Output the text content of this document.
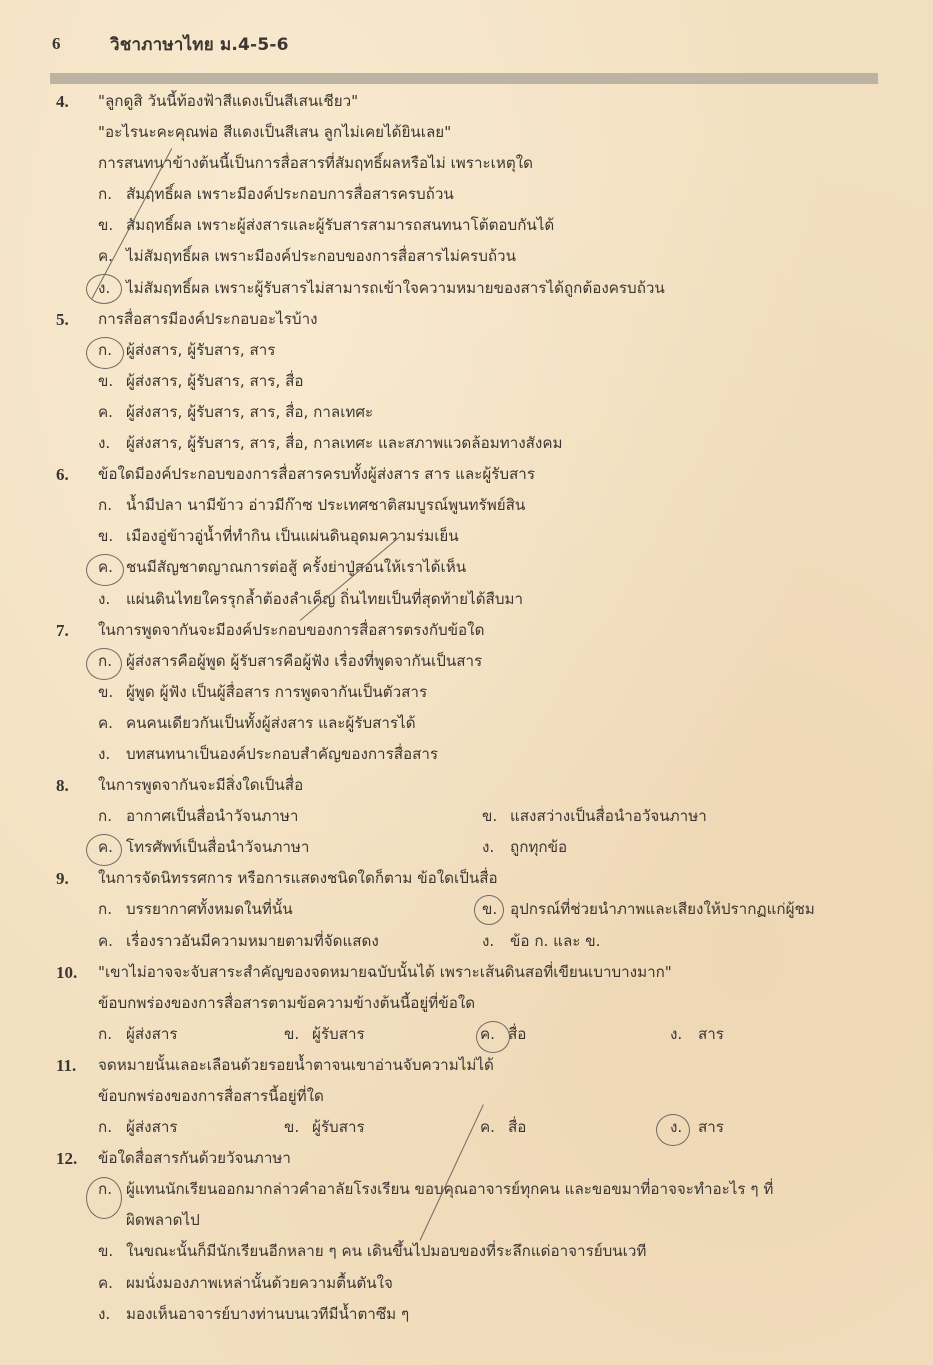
6	วิชาภาษาไทย ม.4-5-6
4. "ลูกดูสิ วันนี้ท้องฟ้าสีแดงเป็นสีเสนเชียว"
"อะไรนะคะคุณพ่อ สีแดงเป็นสีเสน ลูกไม่เคยได้ยินเลย"
การสนทนาข้างต้นนี้เป็นการสื่อสารที่สัมฤทธิ์ผลหรือไม่ เพราะเหตุใด
ก. สัมฤทธิ์ผล เพราะมีองค์ประกอบการสื่อสารครบถ้วน
ข. สัมฤทธิ์ผล เพราะผู้ส่งสารและผู้รับสารสามารถสนทนาโต้ตอบกันได้
ค. ไม่สัมฤทธิ์ผล เพราะมีองค์ประกอบของการสื่อสารไม่ครบถ้วน
ง. ไม่สัมฤทธิ์ผล เพราะผู้รับสารไม่สามารถเข้าใจความหมายของสารได้ถูกต้องครบถ้วน
5. การสื่อสารมีองค์ประกอบอะไรบ้าง
ก. ผู้ส่งสาร, ผู้รับสาร, สาร
ข. ผู้ส่งสาร, ผู้รับสาร, สาร, สื่อ
ค. ผู้ส่งสาร, ผู้รับสาร, สาร, สื่อ, กาลเทศะ
ง. ผู้ส่งสาร, ผู้รับสาร, สาร, สื่อ, กาลเทศะ และสภาพแวดล้อมทางสังคม
6. ข้อใดมีองค์ประกอบของการสื่อสารครบทั้งผู้ส่งสาร สาร และผู้รับสาร
ก. น้ำมีปลา นามีข้าว อ่าวมีก๊าซ ประเทศชาติสมบูรณ์พูนทรัพย์สิน
ข. เมืองอู่ข้าวอู่น้ำที่ทำกิน เป็นแผ่นดินอุดมความร่มเย็น
ค. ชนมีสัญชาตญาณการต่อสู้ ครั้งย่าปู่สอนให้เราได้เห็น
ง. แผ่นดินไทยใครรุกล้ำต้องลำเค็ญ ถิ่นไทยเป็นที่สุดท้ายได้สืบมา
7. ในการพูดจากันจะมีองค์ประกอบของการสื่อสารตรงกับข้อใด
ก. ผู้ส่งสารคือผู้พูด ผู้รับสารคือผู้ฟัง เรื่องที่พูดจากันเป็นสาร
ข. ผู้พูด ผู้ฟัง เป็นผู้สื่อสาร การพูดจากันเป็นตัวสาร
ค. คนคนเดียวกันเป็นทั้งผู้ส่งสาร และผู้รับสารได้
ง. บทสนทนาเป็นองค์ประกอบสำคัญของการสื่อสาร
8. ในการพูดจากันจะมีสิ่งใดเป็นสื่อ
ก. อากาศเป็นสื่อนำวัจนภาษา	ข. แสงสว่างเป็นสื่อนำอวัจนภาษา
ค. โทรศัพท์เป็นสื่อนำวัจนภาษา	ง. ถูกทุกข้อ
9. ในการจัดนิทรรศการ หรือการแสดงชนิดใดก็ตาม ข้อใดเป็นสื่อ
ก. บรรยากาศทั้งหมดในที่นั้น	ข. อุปกรณ์ที่ช่วยนำภาพและเสียงให้ปรากฏแก่ผู้ชม
ค. เรื่องราวอันมีความหมายตามที่จัดแสดง	ง. ข้อ ก. และ ข.
10. "เขาไม่อาจจะจับสาระสำคัญของจดหมายฉบับนั้นได้ เพราะเส้นดินสอที่เขียนเบาบางมาก"
ข้อบกพร่องของการสื่อสารตามข้อความข้างต้นนี้อยู่ที่ข้อใด
ก. ผู้ส่งสาร	ข. ผู้รับสาร	ค. สื่อ	ง. สาร
11. จดหมายนั้นเลอะเลือนด้วยรอยน้ำตาจนเขาอ่านจับความไม่ได้
ข้อบกพร่องของการสื่อสารนี้อยู่ที่ใด
ก. ผู้ส่งสาร	ข. ผู้รับสาร	ค. สื่อ	ง. สาร
12. ข้อใดสื่อสารกันด้วยวัจนภาษา
ก. ผู้แทนนักเรียนออกมากล่าวคำอาลัยโรงเรียน ขอบคุณอาจารย์ทุกคน และขอขมาที่อาจจะทำอะไร ๆ ที่
ผิดพลาดไป
ข. ในขณะนั้นก็มีนักเรียนอีกหลาย ๆ คน เดินขึ้นไปมอบของที่ระลึกแด่อาจารย์บนเวที
ค. ผมนั่งมองภาพเหล่านั้นด้วยความตื้นตันใจ
ง. มองเห็นอาจารย์บางท่านบนเวทีมีน้ำตาซึม ๆ
